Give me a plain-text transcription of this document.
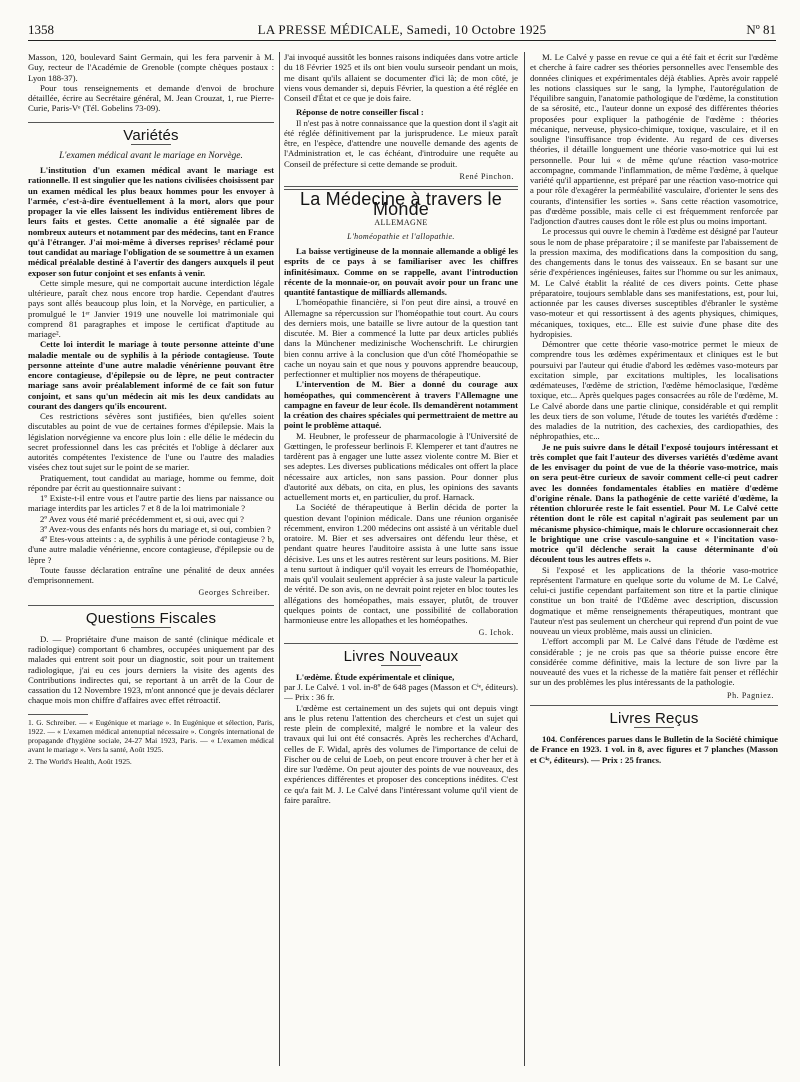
1358	LA PRESSE MÉDICALE, Samedi, 10 Octobre 1925	Nº 81

Masson, 120, boulevard Saint Germain, qui les fera parvenir à M. Guy, recteur de l'Académie de Grenoble (compte chèques postaux : Lyon 188-37).

Pour tous renseignements et demande d'envoi de brochure détaillée, écrire au Secrétaire général, M. Jean Crouzat, 1, rue Pierre-Curie, Paris-Vᵉ (Tél. Gobelins 73-09).

Variétés
L'examen médical avant le mariage en Norvège.

L'institution d'un examen médical avant le mariage est rationnelle. Il est singulier que les nations civilisées choisissent par un examen médical les plus beaux hommes pour les envoyer à l'armée, c'est-à-dire éventuellement à la mort, alors que pour propager la vie elles laissent les individus entièrement libres de leurs faits et gestes. Cette anomalie a été signalée par de nombreux auteurs et notamment par des médecins, tant en France qu'à l'étranger. J'ai moi-même à diverses reprises¹ réclamé pour tout candidat au mariage l'obligation de se soumettre à un examen médical préalable destiné à l'avertir des dangers auxquels il peut exposer son futur conjoint et ses enfants à venir.

Cette simple mesure, qui ne comportait aucune interdiction légale ultérieure, paraît chez nous encore trop hardie. Cependant d'autres pays sont allés beaucoup plus loin, et la Norvège, en particulier, a promulgué le 1ᵉʳ Janvier 1919 une nouvelle loi matrimoniale qui comprend 81 paragraphes et impose le certificat d'aptitude au mariage².

Cette loi interdit le mariage à toute personne atteinte d'une maladie mentale ou de syphilis à la période contagieuse. Toute personne atteinte d'une autre maladie vénérienne pouvant être encore contagieuse, d'épilepsie ou de lèpre, ne peut contracter mariage sans avoir préalablement informé de ce fait son futur conjoint, et sans qu'un médecin ait mis les deux candidats au courant des dangers qu'ils encourent.

Ces restrictions sévères sont justifiées, bien qu'elles soient discutables au point de vue de certaines formes d'épilepsie. Mais la législation norvégienne va encore plus loin : elle délie le médecin du secret professionnel dans les cas précités et l'oblige à déclarer aux autorités compétentes l'existence de l'une ou l'autre des maladies visées chez tout sujet sur le point de se marier.

Pratiquement, tout candidat au mariage, homme ou femme, doit répondre par écrit au questionnaire suivant :

1º Existe-t-il entre vous et l'autre partie des liens par naissance ou mariage interdits par les articles 7 et 8 de la loi matrimoniale ?

2º Avez vous été marié précédemment et, si oui, avec qui ?

3º Avez-vous des enfants nés hors du mariage et, si oui, combien ?

4º Etes-vous atteints : a, de syphilis à une période contagieuse ? b, d'une autre maladie vénérienne, encore contagieuse, d'épilepsie ou de lèpre ?

Toute fausse déclaration entraîne une pénalité de deux années d'emprisonnement.

Georges Schreiber.
Questions Fiscales

D. — Propriétaire d'une maison de santé (clinique médicale et radiologique) comportant 6 chambres, occupées uniquement par des malades qui entrent soit pour un diagnostic, soit pour un traitement radiologique, j'ai eu ces jours derniers la visite des agents des Contributions indirectes qui, se reportant à un arrêt de la Cour de cassation du 12 Novembre 1923, m'ont annoncé que je devais déclarer chaque mois mon chiffre d'affaires avec effet rétroactif.

1. G. Schreiber. — « Eugénique et mariage ». In Eugénique et sélection, Paris, 1922. — « L'examen médical antenuptial nécessaire ». Congrès international de propagande d'hygiène sociale, 24-27 Mai 1923, Paris. — « L'examen médical avant le mariage ». Vers la santé, Août 1925.
2. The World's Health, Août 1925.

J'ai invoqué aussitôt les bonnes raisons indiquées dans votre article du 18 Février 1925 et ils ont bien voulu surseoir pendant un mois, me disant qu'ils allaient se documenter d'ici là; de mon côté, je viens vous demander si, depuis Février, la question a été réglée en Conseil d'État et ce que je dois faire.

Réponse de notre conseiller fiscal :

Il n'est pas à notre connaissance que la question dont il s'agit ait été réglée définitivement par la jurisprudence. Le mieux paraît être, en l'espèce, d'attendre une nouvelle demande des agents de l'Administration et, le cas échéant, d'introduire une requête au Conseil de préfecture si cette demande se produit.

René Pinchon.
La Médecine à travers le Monde
ALLEMAGNE
L'homéopathie et l'allopathie.

La baisse vertigineuse de la monnaie allemande a obligé les esprits de ce pays à se familiariser avec les chiffres infinitésimaux. Comme on se rappelle, avant l'introduction récente de la monnaie-or, on pouvait avoir pour un franc une quantité fantastique de milliards allemands.

L'homéopathie financière, si l'on peut dire ainsi, a trouvé en Allemagne sa répercussion sur l'homéopathie tout court. Au cours des derniers mois, une bataille se livre autour de la question tant discutée. M. Bier a commencé la lutte par deux articles publiés dans la Münchener medizinische Wochenschrift. Le chirurgien bien connu arrive à la conclusion que d'un côté l'homéopathie se cache un noyau sain et que nous y pouvons apprendre beaucoup, perfectionner et multiplier nos moyens de thérapeutique.

L'intervention de M. Bier a donné du courage aux homéopathes, qui commencèrent à travers l'Allemagne une campagne en faveur de leur école. Ils demandèrent notamment la création des chaires spéciales qui permettraient de mettre au point le problème attaqué.

M. Heubner, le professeur de pharmacologie à l'Université de Gœttingen, le professeur berlinois F. Klemperer et tant d'autres ne tardèrent pas à engager une lutte assez violente contre M. Bier et ses adeptes. Les diverses publications médicales ont offert la place nécessaire aux articles, non sans passion. Pour donner plus d'autorité aux débats, on cita, en plus, les opinions des savants actuellement morts et, en particulier, du prof. Harnack.

La Société de thérapeutique à Berlin décida de porter la question devant l'opinion médicale. Dans une réunion organisée récemment, environ 1.200 médecins ont assisté à un véritable duel oratoire. M. Bier et ses adversaires ont défendu leur thèse, et pendant quatre heures l'auditoire assista à une lutte sans issue décisive. Les uns et les autres restèrent sur leurs positions. M. Bier a tenu surtout à indiquer qu'il voyait les erreurs de l'homéopathie, mais qu'il voulait seulement apprécier à sa juste valeur la particule de vérité. De son avis, on ne devrait point rejeter en bloc toutes les allégations des homéopathes, mais essayer, plutôt, de trouver quelques points de contact, une possibilité de collaboration harmonieuse entre les allopathes et les homéopathes.

G. Ichok.
Livres Nouveaux

L'œdème. Étude expérimentale et clinique,

par J. Le Calvé. 1 vol. in-8º de 648 pages (Masson et Cⁱᵉ, éditeurs). — Prix : 36 fr.

L'œdème est certainement un des sujets qui ont depuis vingt ans le plus retenu l'attention des chercheurs et c'est un sujet qui reste plein de complexité, malgré le nombre et la valeur des travaux qui lui ont été consacrés. Après les recherches d'Achard, celles de F. Widal, après des volumes de l'importance de celui de Fischer ou de celui de Loeb, on peut encore trouver à cher her et à dire sur l'œdème. On peut ajouter des points de vue nouveaux, des expériences différentes et proposer des conceptions inédites. C'est ce qu'a fait M. J. Le Calvé dans l'intéressant volume qu'il vient de faire paraître.

M. Le Calvé y passe en revue ce qui a été fait et écrit sur l'œdème et cherche à faire cadrer ses théories personnelles avec l'ensemble des données cliniques et expérimentales déjà établies. Après avoir rappelé les notions classiques sur le sang, la lymphe, l'autorégulation de l'équilibre sanguin, l'anatomie pathologique de l'œdème, la constitution de sa sérosité, etc., l'auteur donne un exposé des différentes théories proposées pour expliquer la pathogénie de l'œdème : théories mécanique, nerveuse, physico-chimique, toxique, vasculaire, et il en souligne l'insuffisance trop évidente. Au regard de ces diverses théories, il détaille longuement une théorie vaso-motrice qui lui est personnelle. Pour lui « de même qu'une réaction vaso-motrice accompagne, commande l'inflammation, de même l'œdème, à quelque variété qu'il appartienne, est préparé par une réaction vaso-motrice qui a pour rôle d'exagérer la perméabilité vasculaire, d'orienter le sens des courants, d'intensifier les sorties ». Sans cette réaction vasomotrice, pas d'œdème possible, mais celle ci est fréquemment renforcée par l'adjonction d'autres causes dont le rôle est plus ou moins important.

Le processus qui ouvre le chemin à l'œdème est désigné par l'auteur sous le nom de phase préparatoire ; il se manifeste par l'abaissement de la pression maxima, des modifications dans la composition du sang, des changements dans le tonus des vaisseaux. En se basant sur une série d'expériences ingénieuses, faites sur l'homme ou sur les animaux, M. Le Calvé établit la réalité de ces divers points. Cette phase préparatoire, toujours semblable dans ses manifestations, est, pour lui, actionnée par les causes diverses susceptibles d'ébranler le système vaso-moteur et qui ressortissent à des agents physiques, chimiques, mécaniques, toxiques, etc... Elle est suivie d'une phase dite des hydropisies.

Démontrer que cette théorie vaso-motrice permet le mieux de comprendre tous les œdèmes expérimentaux et cliniques est le but poursuivi par l'auteur qui étudie d'abord les œdèmes vaso-moteurs par excitation simple, par excitations multiples, les localisations œdémateuses, l'œdème de striction, l'œdème hémoclasique, l'œdème toxique, etc... Après quelques pages consacrées au rôle de l'œdème, M. Le Calvé aborde dans une partie clinique, considérable et qui remplit les deux tiers de son volume, l'étude de toutes les variétés d'œdème : des maladies de la nutrition, des cachexies, des cardiopathies, des néphropathies, etc...

Je ne puis suivre dans le détail l'exposé toujours intéressant et très complet que fait l'auteur des diverses variétés d'œdème avant de les envisager du point de vue de la théorie vaso-motrice, mais on sera peut-être curieux de savoir comment celle-ci peut cadrer avec les données fondamentales établies en matière d'œdème d'origine rénale. Dans la pathogénie de cette variété d'œdème, la rétention chlorurée reste le fait essentiel. Pour M. Le Calvé cette rétention dont le rôle est capital n'agirait pas seulement par un mécanisme physico-chimique, mais le chlorure occasionnerait chez le brightique une crise vasculo-sanguine et « l'incitation vaso-motrice qu'il déclenche serait la cause déterminante d'où découlent tous les autres effets ».

Si l'exposé et les applications de la théorie vaso-motrice représentent l'armature en quelque sorte du volume de M. Le Calvé, celui-ci justifie cependant parfaitement son titre et la partie clinique constitue un bon traité de l'Œdème avec description, discussion dogmatique et même renseignements thérapeutiques, montrant que l'auteur n'est pas seulement un chercheur qui reprend d'un point de vue nouveau un vieux problème, mais aussi un clinicien.

L'effort accompli par M. Le Calvé dans l'étude de l'œdème est considérable ; je ne crois pas que sa théorie puisse encore être considérée comme définitive, mais la lecture de son livre par la nouveauté des vues et la richesse de la matière fait penser et réfléchir sur un des problèmes les plus intéressants de la pathologie.

Ph. Pagniez.
Livres Reçus

104. Conférences parues dans le Bulletin de la Société chimique de France en 1923. 1 vol. in 8, avec figures et 7 planches (Masson et Cⁱᵉ, éditeurs). — Prix : 25 francs.
